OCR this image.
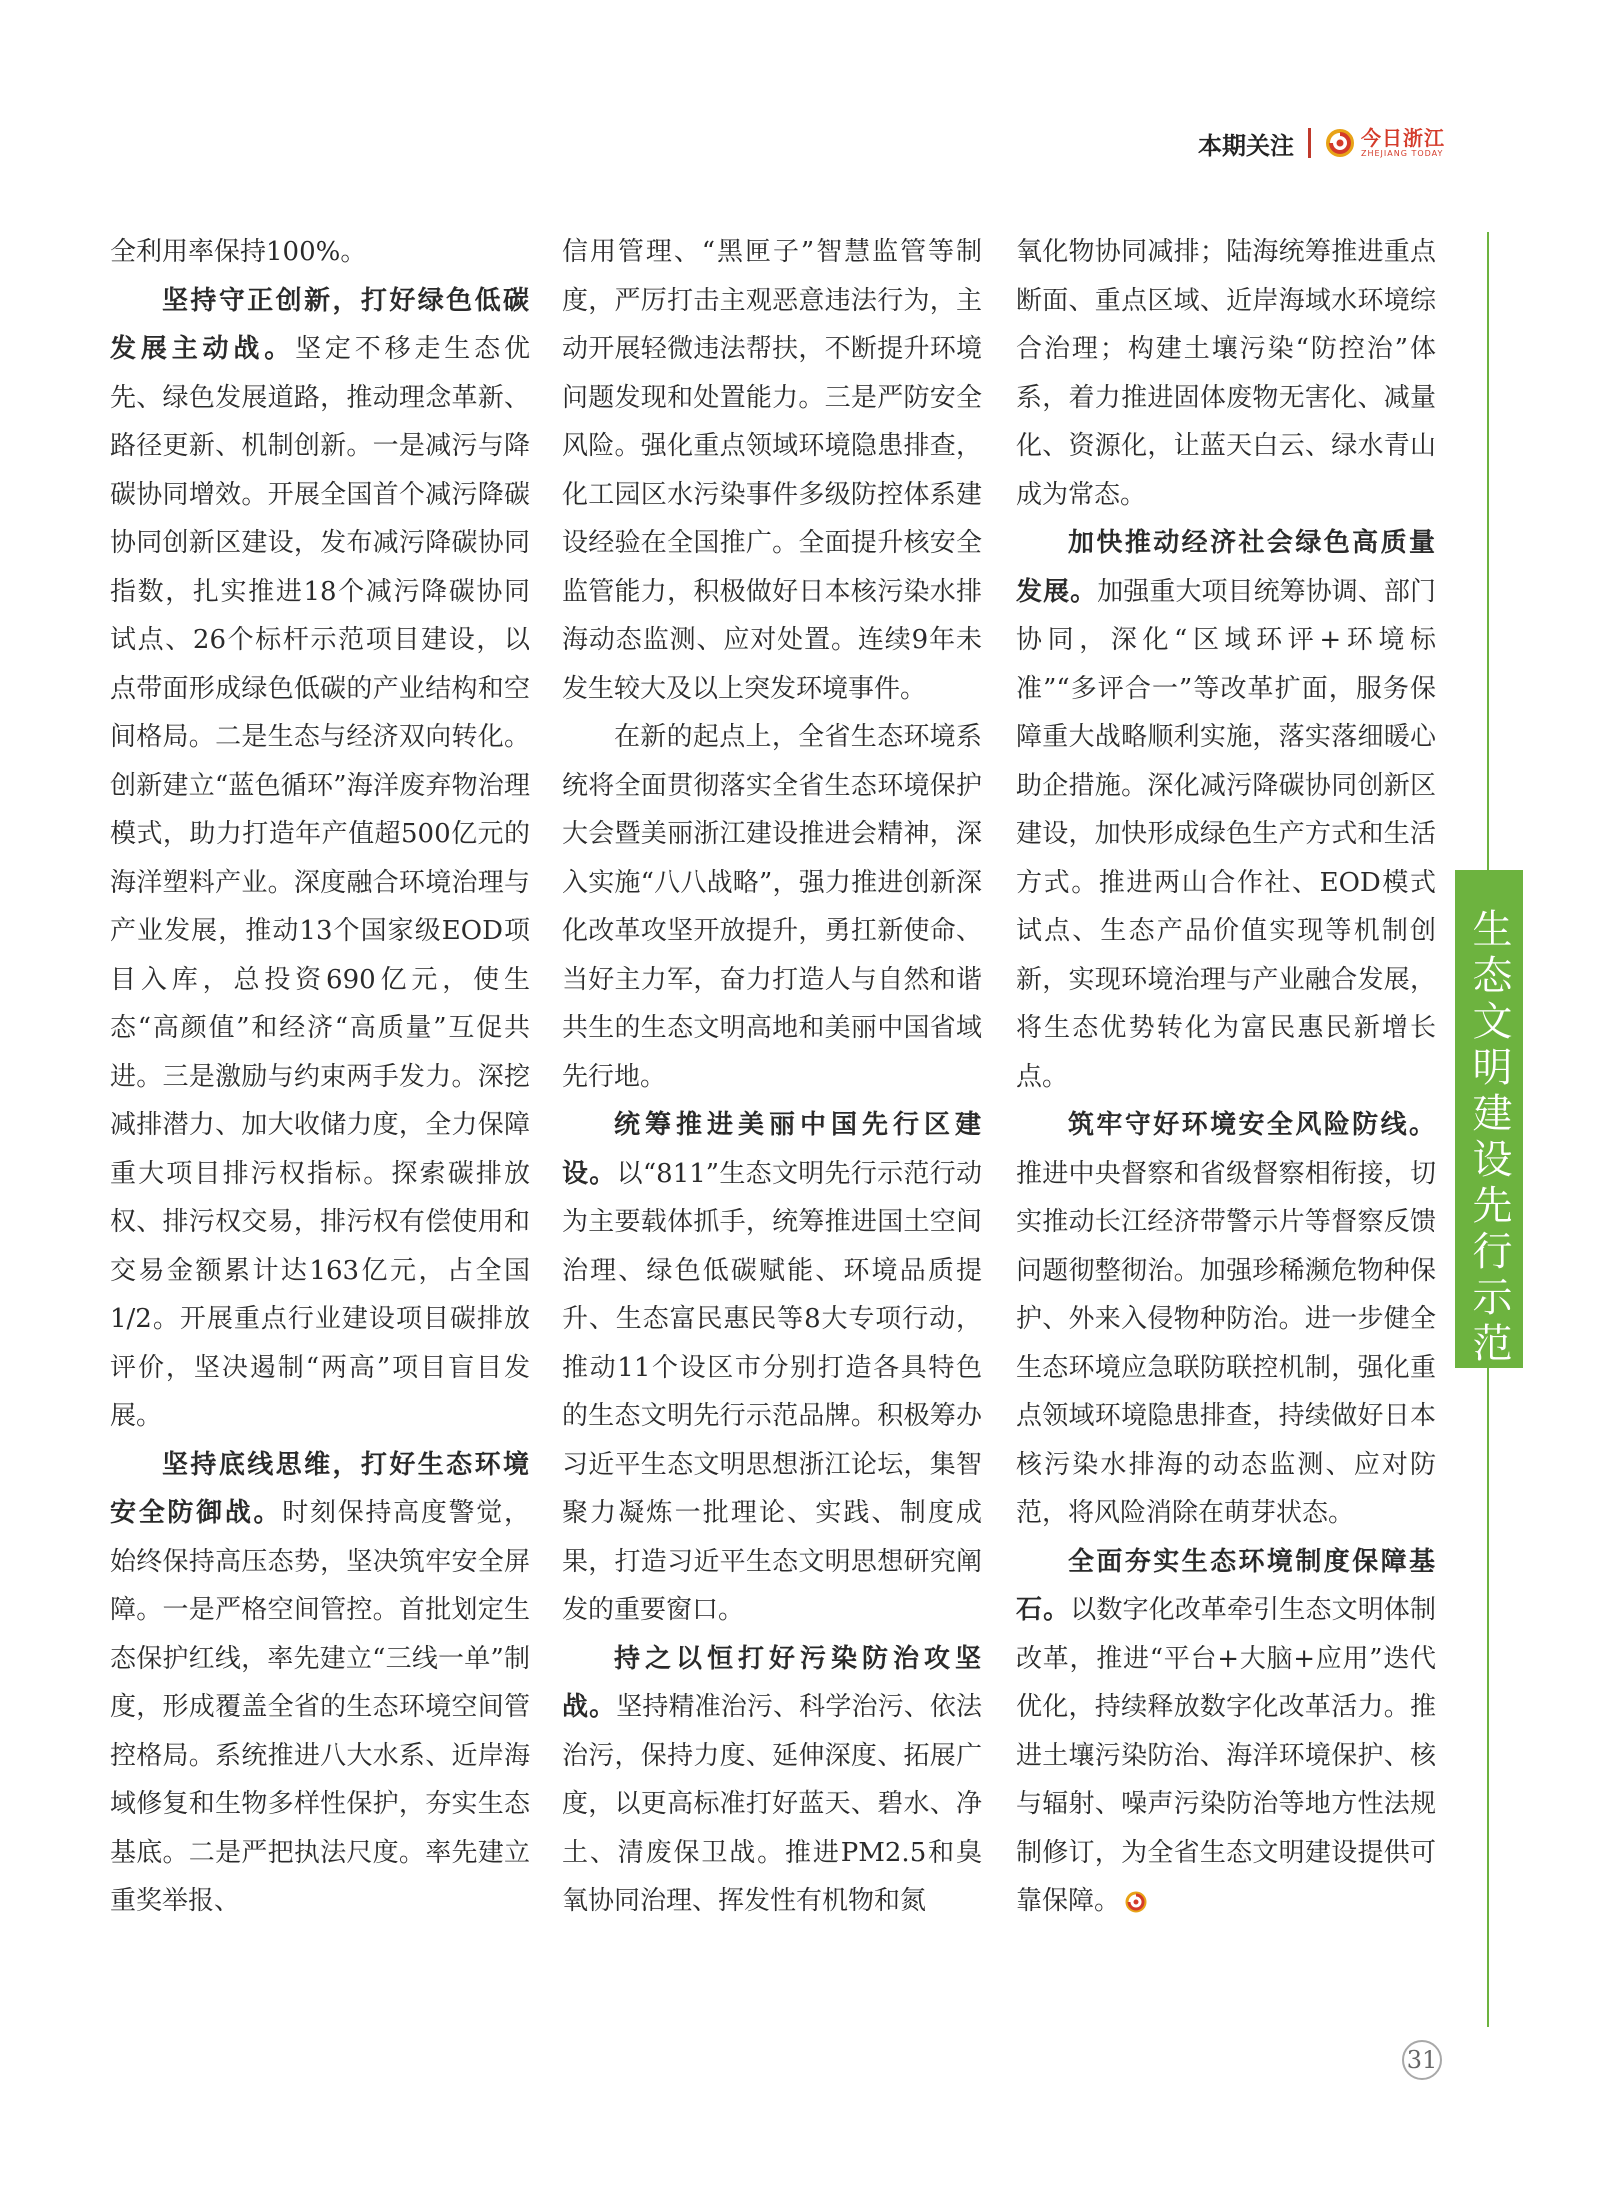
本期关注	今日浙江
ZHEJIANG TODAY

全利用率保持100%。

坚持守正创新，打好绿色低碳发展主动战。坚定不移走生态优先、绿色发展道路，推动理念革新、路径更新、机制创新。一是减污与降碳协同增效。开展全国首个减污降碳协同创新区建设，发布减污降碳协同指数，扎实推进18个减污降碳协同试点、26个标杆示范项目建设，以点带面形成绿色低碳的产业结构和空间格局。二是生态与经济双向转化。创新建立“蓝色循环”海洋废弃物治理模式，助力打造年产值超500亿元的海洋塑料产业。深度融合环境治理与产业发展，推动13个国家级EOD项目入库，总投资690亿元，使生态“高颜值”和经济“高质量”互促共进。三是激励与约束两手发力。深挖减排潜力、加大收储力度，全力保障重大项目排污权指标。探索碳排放权、排污权交易，排污权有偿使用和交易金额累计达163亿元，占全国1/2。开展重点行业建设项目碳排放评价，坚决遏制“两高”项目盲目发展。

坚持底线思维，打好生态环境安全防御战。时刻保持高度警觉，始终保持高压态势，坚决筑牢安全屏障。一是严格空间管控。首批划定生态保护红线，率先建立“三线一单”制度，形成覆盖全省的生态环境空间管控格局。系统推进八大水系、近岸海域修复和生物多样性保护，夯实生态基底。二是严把执法尺度。率先建立重奖举报、

信用管理、“黑匣子”智慧监管等制度，严厉打击主观恶意违法行为，主动开展轻微违法帮扶，不断提升环境问题发现和处置能力。三是严防安全风险。强化重点领域环境隐患排查，化工园区水污染事件多级防控体系建设经验在全国推广。全面提升核安全监管能力，积极做好日本核污染水排海动态监测、应对处置。连续9年未发生较大及以上突发环境事件。

在新的起点上，全省生态环境系统将全面贯彻落实全省生态环境保护大会暨美丽浙江建设推进会精神，深入实施“八八战略”，强力推进创新深化改革攻坚开放提升，勇扛新使命、当好主力军，奋力打造人与自然和谐共生的生态文明高地和美丽中国省域先行地。

统筹推进美丽中国先行区建设。以“811”生态文明先行示范行动为主要载体抓手，统筹推进国土空间治理、绿色低碳赋能、环境品质提升、生态富民惠民等8大专项行动，推动11个设区市分别打造各具特色的生态文明先行示范品牌。积极筹办习近平生态文明思想浙江论坛，集智聚力凝炼一批理论、实践、制度成果，打造习近平生态文明思想研究阐发的重要窗口。

持之以恒打好污染防治攻坚战。坚持精准治污、科学治污、依法治污，保持力度、延伸深度、拓展广度，以更高标准打好蓝天、碧水、净土、清废保卫战。推进PM2.5和臭氧协同治理、挥发性有机物和氮

氧化物协同减排；陆海统筹推进重点断面、重点区域、近岸海域水环境综合治理；构建土壤污染“防控治”体系，着力推进固体废物无害化、减量化、资源化，让蓝天白云、绿水青山成为常态。

加快推动经济社会绿色高质量发展。加强重大项目统筹协调、部门协同，深化“区域环评+环境标准”“多评合一”等改革扩面，服务保障重大战略顺利实施，落实落细暖心助企措施。深化减污降碳协同创新区建设，加快形成绿色生产方式和生活方式。推进两山合作社、EOD模式试点、生态产品价值实现等机制创新，实现环境治理与产业融合发展，将生态优势转化为富民惠民新增长点。

筑牢守好环境安全风险防线。推进中央督察和省级督察相衔接，切实推动长江经济带警示片等督察反馈问题彻整彻治。加强珍稀濒危物种保护、外来入侵物种防治。进一步健全生态环境应急联防联控机制，强化重点领域环境隐患排查，持续做好日本核污染水排海的动态监测、应对防范，将风险消除在萌芽状态。

全面夯实生态环境制度保障基石。以数字化改革牵引生态文明体制改革，推进“平台+大脑+应用”迭代优化，持续释放数字化改革活力。推进土壤污染防治、海洋环境保护、核与辐射、噪声污染防治等地方性法规制修订，为全省生态文明建设提供可靠保障。

生态文明建设先行示范
31
